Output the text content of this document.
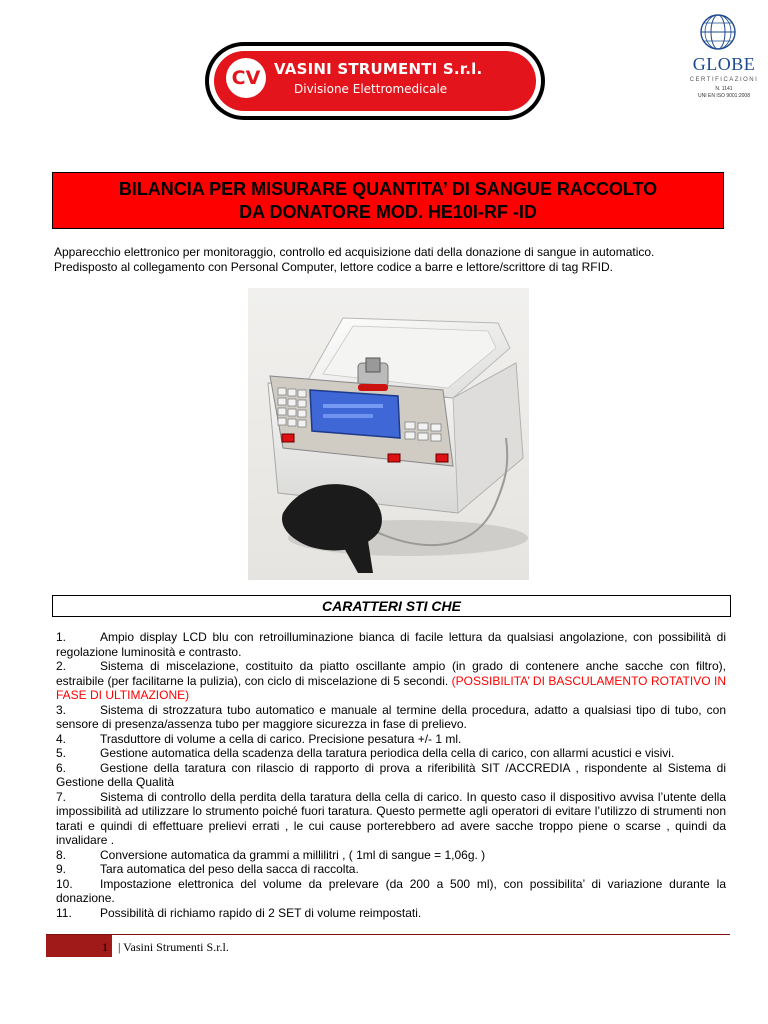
CV VASINI STRUMENTI S.r.l.
Divisione Elettromedicale
GLOBE
CERTIFICAZIONI
N. 1141
UNI EN ISO 9001:2008
BILANCIA PER MISURARE QUANTITA’ DI SANGUE RACCOLTO
DA DONATORE MOD. HE10I-RF -ID
Apparecchio elettronico per monitoraggio, controllo ed acquisizione dati della donazione di sangue in automatico.
Predisposto al collegamento con Personal Computer, lettore codice a barre e lettore/scrittore di tag RFID.
CARATTERI STI CHE
1.	Ampio display LCD blu con retroilluminazione bianca di facile lettura da qualsiasi angolazione, con possibilità di regolazione luminosità e contrasto.
2.	Sistema di miscelazione, costituito da piatto oscillante ampio (in grado di contenere anche sacche con filtro), estraibile (per facilitarne la pulizia), con ciclo di miscelazione di 5 secondi. (POSSIBILITA’ DI BASCULAMENTO ROTATIVO IN FASE DI ULTIMAZIONE)
3.	Sistema di strozzatura tubo automatico e manuale al termine della procedura, adatto a qualsiasi tipo di tubo, con sensore di presenza/assenza tubo per maggiore sicurezza in fase di prelievo.
4.	Trasduttore di volume a cella di carico. Precisione pesatura +/- 1 ml.
5.	Gestione automatica della scadenza della taratura periodica della cella di carico, con allarmi acustici e visivi.
6.	Gestione della taratura con rilascio di rapporto di prova a riferibilità SIT /ACCREDIA , rispondente al Sistema di Gestione della Qualità
7.	Sistema di controllo della perdita della taratura della cella di carico. In questo caso il dispositivo avvisa l’utente della impossibilità ad utilizzare lo strumento poiché fuori taratura. Questo permette agli operatori di evitare l’utilizzo di strumenti non tarati e quindi di effettuare prelievi errati , le cui cause porterebbero ad avere sacche troppo piene o scarse , quindi da invalidare .
8.	Conversione automatica da grammi a millilitri , ( 1ml di sangue = 1,06g. )
9.	Tara automatica del peso della sacca di raccolta.
10. Impostazione elettronica del volume da prelevare (da 200 a 500 ml), con possibilita’ di variazione durante la donazione.
11. Possibilità di richiamo rapido di 2 SET di volume reimpostati.
1 | Vasini Strumenti S.r.l.
